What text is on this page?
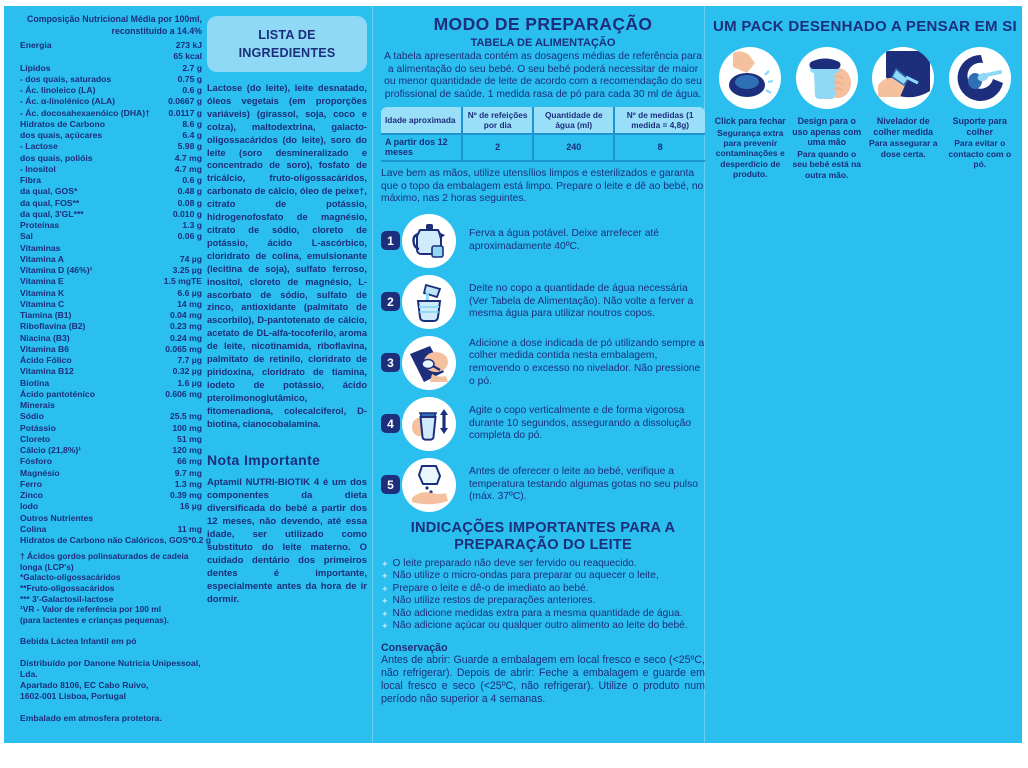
Composição Nutricional Média por 100ml,
reconstituído a 14.4%
Energia	273 kJ
65 kcal
Lípidos	2.7 g
- dos quais, saturados	0.75 g
- Ác. linoleico (LA)	0.6 g
- Ác. α-linolénico (ALA)	0.0667 g
- Ác. docosahexaenóico (DHA)† 0.0117 g
Hidratos de Carbono	8.6 g
dos quais, açúcares	6.4 g
- Lactose	5.98 g
dos quais, polióis	4.7 mg
- Inositol	4.7 mg
Fibra	0.6 g
da qual, GOS*	0.48 g
da qual, FOS**	0.08 g
da qual, 3'GL***	0.010 g
Proteínas	1.3 g
Sal	0.06 g
Vitaminas
Vitamina A	74 µg
Vitamina D (46%)¹	3.25 µg
Vitamina E	1.5 mgTE
Vitamina K	6.6 µg
Vitamina C	14 mg
Tiamina (B1)	0.04 mg
Riboflavina (B2)	0.23 mg
Niacina (B3)	0.24 mg
Vitamina B6	0.065 mg
Ácido Fólico	7.7 µg
Vitamina B12	0.32 µg
Biotina	1.6 µg
Ácido pantoténico	0.606 mg
Minerais
Sódio	25.5 mg
Potássio	100 mg
Cloreto	51 mg
Cálcio (21,8%)¹	120 mg
Fósforo	66 mg
Magnésio	9.7 mg
Ferro	1.3 mg
Zinco	0.39 mg
Iodo	16 µg
Outros Nutrientes
Colina	11 mg
Hidratos de Carbono não Calóricos, GOS* 0.2 g
† Ácidos gordos polinsaturados de cadeia longa (LCP's)
*Galacto-oligossacáridos
**Fruto-oligossacáridos
*** 3'-Galactosil-lactose
¹VR - Valor de referência por 100 ml
(para lactentes e crianças pequenas).
Bebida Láctea Infantil em pó
Distribuído por Danone Nutricia Unipessoal, Lda.
Apartado 8106, EC Cabo Ruivo,
1602-001 Lisboa, Portugal
Embalado em atmosfera protetora.
LISTA DE INGREDIENTES
Lactose (do leite), leite desnatado, óleos vegetais (em proporções variáveis) (girassol, soja, coco e colza), maltodextrina, galacto-oligossacáridos (do leite), soro do leite (soro desmineralizado e concentrado de soro), fosfato de tricálcio, fruto-oligossacáridos, carbonato de cálcio, óleo de peixe†, citrato de potássio, hidrogenofosfato de magnésio, citrato de sódio, cloreto de potássio, ácido L-ascórbico, cloridrato de colina, emulsionante (lecitina de soja), sulfato ferroso, inositol, cloreto de magnésio, L-ascorbato de sódio, sulfato de zinco, antioxidante (palmitato de ascorbilo), D-pantotenato de cálcio, acetato de DL-alfa-tocoferilo, aroma de leite, nicotinamida, riboflavina, palmitato de retinilo, cloridrato de piridoxina, cloridrato de tiamina, iodeto de potássio, ácido pteroilmonoglutâmico, fitomenadiona, colecalciferol, D-biotina, cianocobalamina.
Nota Importante
Aptamil NUTRI-BIOTIK 4 é um dos componentes da dieta diversificada do bebé a partir dos 12 meses, não devendo, até essa idade, ser utilizado como substituto do leite materno. O cuidado dentário dos primeiros dentes é importante, especialmente antes da hora de ir dormir.
MODO DE PREPARAÇÃO
TABELA DE ALIMENTAÇÃO
A tabela apresentada contém as dosagens médias de referência para a alimentação do seu bebé. O seu bebé poderá necessitar de maior ou menor quantidade de leite de acordo com a recomendação do seu profissional de saúde. 1 medida rasa de pó para cada 30 ml de água.
Idade aproximada	Nº de refeições por dia	Quantidade de água (ml)	Nº de medidas (1 medida = 4,8g)
A partir dos 12 meses	2	240	8
Lave bem as mãos, utilize utensílios limpos e esterilizados e garanta que o topo da embalagem está limpo. Prepare o leite e dê ao bebé, no máximo, nas 2 horas seguintes.
1
Ferva a água potável. Deixe arrefecer até aproximadamente 40ºC.
2
Deite no copo a quantidade de água necessária (Ver Tabela de Alimentação). Não volte a ferver a mesma água para utilizar noutros copos.
3
Adicione a dose indicada de pó utilizando sempre a colher medida contida nesta embalagem, removendo o excesso no nivelador. Não pressione o pó.
4
Agite o copo verticalmente e de forma vigorosa durante 10 segundos, assegurando a dissolução completa do pó.
5
Antes de oferecer o leite ao bebé, verifique a temperatura testando algumas gotas no seu pulso (máx. 37ºC).
INDICAÇÕES IMPORTANTES PARA A
PREPARAÇÃO DO LEITE
✦ O leite preparado não deve ser fervido ou reaquecido.
✦ Não utilize o micro-ondas para preparar ou aquecer o leite,
✦ Prepare o leite e dê-o de imediato ao bebé.
✦ Não utilize restos de preparações anteriores.
✦ Não adicione medidas extra para a mesma quantidade de água.
✦ Não adicione açúcar ou qualquer outro alimento ao leite do bebé.
Conservação
Antes de abrir: Guarde a embalagem em local fresco e seco (<25ºC, não refrigerar). Depois de abrir: Feche a embalagem e guarde em local fresco e seco (<25ºC, não refrigerar). Utilize o produto num período não superior a 4 semanas.
UM PACK DESENHADO A PENSAR EM SI
Click para fechar
Segurança extra para prevenir contaminações e desperdício de produto.
Design para o uso apenas com uma mão
Para quando o seu bebé está na outra mão.
Nivelador de colher medida
Para assegurar a dose certa.
Suporte para colher
Para evitar o contacto com o pó.
